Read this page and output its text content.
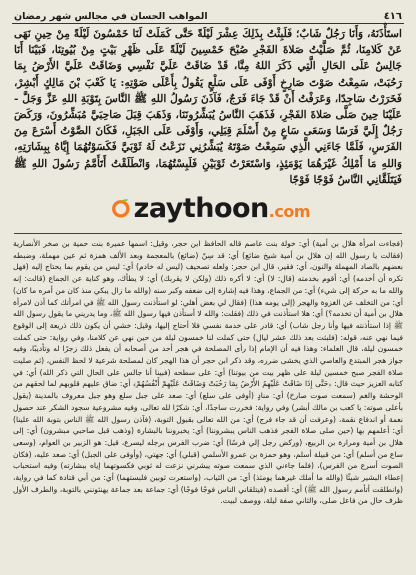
٤١٦
المواهب الحسان في مجالس شهر رمضان

استَأْذَنَهُ، وَأَنَا رَجُلٌ شَابٌ؛ فَلَبِثْتُ بِذَلِكَ عِشْرَ لَيْلَةً حَتَّى كَمَلَتْ لَنَا خَمْسُونَ لَيْلَةً مِنْ حِينِ نَهَى عَنْ كَلامِنَا، ثُمَّ صَلَّيْتُ صَلاةَ الفَجْرِ صُبْحَ خَمْسِينَ لَيْلَةً عَلَى ظَهْرِ بَيْتٍ مِنْ بُيُوتِنَا، فَبَيْنَا أَنَا جَالِسٌ عَلَى الحَالِ الَّتِي ذَكَرَ اللهُ مِنَّا، قَدْ ضَاقَتْ عَلَيَّ نَفْسِي وَضَاقَتْ عَلَيَّ الأَرْضُ بِمَا رَحُبَتْ، سَمِعْتُ صَوْتَ صَارِخٍ أَوْفَى عَلَى سَلْعٍ يَقُولُ بِأَعْلَى صَوْتِهِ: يَا كَعْبَ بْنَ مَالِكٍ أَبْشِرْ، فَخَرَرْتُ سَاجِدًا، وَعَرَفْتُ أَنْ قَدْ جَاءَ فَرَجٌ، فَآذَنَ رَسُولُ اللهِ ﷺ النَّاسَ بِتَوْبَةِ اللهِ عَزَّ وَجَلَّ - عَلَيْنَا حِينَ صَلَّى صَلاةَ الفَجْرِ، فَذَهَبَ النَّاسُ يُبَشِّرُونَنَا، وَذَهَبَ قِبَلَ صَاحِبَيَّ مُبَشِّرُونَ، وَرَكَضَ رَجُلٌ إِلَيَّ فَرَسًا وَسَعَى سَاعٍ مِنْ أَسْلَمَ قِبَلِي، وَأَوْفَى عَلَى الجَبَلِ، فَكَانَ الصَّوْتُ أَسْرَعَ مِنَ الفَرَسِ، فَلَمَّا جَاءَنِي الَّذِي سَمِعْتُ صَوْتَهُ يُبَشِّرُنِي نَزَعْتُ لَهُ ثَوْبَيَّ فَكَسَوْتُهُمَا إِيَّاهُ بِبِشَارَتِهِ، وَاللهِ مَا أَمْلِكُ غَيْرَهُمَا يَوْمَئِذٍ، وَاسْتَعَرْتُ ثَوْبَيْنِ فَلَبِسْتُهُمَا، وَانْطَلَقْتُ أَتَأَمَّمُ رَسُولَ اللهِ ﷺ فَيَتَلَقَّانِي النَّاسُ فَوْجًا فَوْجًا

zaythoon.com

(فجاءت امرأة هلال بن أمية) أي: خولة بنت عاصم قاله الحافظ ابن حجر، وقيل: اسمها عميرة بنت حمية بن صخر الأنصارية (فقالت يا رسول الله إن هلال بن أمية شيخ ضائع) أي: قد سِنّ (ضائع) بالمعجمة وبعد الألف همزة ثم عين مهملة، وضبطه بعضهم بالصاد المهملة والنون، أي: فقير، قال ابن حجر: ولعله تصحيف (ليس له خادم) أي: ليس من يقوم بما يحتاج إليه (فهل تكره أن أخدمه) أي: أقوم بخدمته (قال: لا) أي: لا أكره ذلك (ولكن لا يقربك) أي: لا يطأك، وهو كناية عن الجماع (قالت: إنه والله ما به حركة إلى شيء) أي: من الجماع، وهذا فيه إشارة إلى ضعفه وكبر سنه (والله ما زال يبكي منذ كان من أمره ما كان) أي: من التخلف عن الغزوة والهجر (إلى يومه هذا) (فقال لي بعض أهلي: لو استأذنت رسول الله ﷺ في امرأتك كما أذن لامرأة هلال بن أمية أن تخدمه؟) أي: هلا استأذنت في ذلك (فقلت: والله لا أستأذن فيها رسول الله ﷺ، وما يدريني ما يقول رسول الله ﷺ إذا استأذنته فيها وأنا رجل شاب) أي: قادر على خدمة نفسي فلا أحتاج إليها، وقيل: خشي أن يكون ذلك ذريعة إلى الوقوع فيما نهي عنه، قوله: (فلبثت بعد ذلك عشر ليال) حتى كملت لنا خمسون ليلة من حين نهي عن كلامنا، وفي رواية: حتى كملت خمسون ليلة، قال العلماء: وهذا فيه أن الإمام إذا رأى المصلحة في هجر أحد من أصحابه أن يفعل ذلك زجرًا له وتأديبًا، وفيه جواز هجر المبتدع والعاصي الذي يخشى ضرره، وقد ذكر ابن حجر أن هذا الهجر كان لمصلحة شرعية لا لحظ النفس، (ثم صليت صلاة الفجر صبح خمسين ليلة على ظهر بيت من بيوتنا) أي: على سطحه (فبينا أنا جالس على الحال التي ذكر الله) أي: في كتابه العزيز حيث قال: ﴿حَتَّى إِذَا ضَاقَتْ عَلَيْهِمُ الأَرْضُ بِمَا رَحُبَتْ وَضَاقَتْ عَلَيْهِمْ أَنْفُسُهُمْ﴾ أي: ضاق عليهم قلوبهم لما لحقهم من الوحشة والغم (سمعت صوت صارخ) أي: منادٍ (أوفى على سلع) أي: صعد على جبل سلع وهو جبل معروف بالمدينة (يقول بأعلى صوته: يا كعب بن مالك أبشر) وفي رواية: فخررت ساجدًا، أي: شكرًا لله تعالى، وفيه مشروعية سجود الشكر عند حصول نعمة أو اندفاع نقمة، (وعرفت أن قد جاء فرج) أي: من الله تعالى بقبول التوبة، (فآذن رسول الله ﷺ الناس بتوبة الله علينا) أي: أعلمهم بها (حين صلى صلاة الفجر فذهب الناس يبشروننا) أي: يخبروننا بالبشارة (وذهب قبل صاحبي مبشرون) أي: إلى هلال بن أمية ومرارة بن الربيع، (وركض رجل إلي فرسًا) أي: ضرب الفرس برجله ليسرع، قيل: هو الزبير بن العوام، (وسعى ساع من أسلم) أي: من قبيلة أسلم، وهو حمزة بن عمرو الأسلمي (قبلي) أي: جهتي، (وأوفى على الجبل) أي: صعد عليه، (فكان الصوت أسرع من الفرس)، (فلما جاءني الذي سمعت صوته يبشرني نزعت له ثوبي فكسوتهما إياه ببشارته) وفيه استحباب إعطاء البشير شيئًا (والله ما أملك غيرهما يومئذ) أي: من الثياب، (واستعرت ثوبين فلبستهما) أي: من أبي قتادة كما في رواية، (وانطلقت أتأمم رسول الله ﷺ) أي: أقصده (فيتلقاني الناس فوجًا فوجًا) أي: جماعة بعد جماعة يهنئونني بالتوبة، والطرف الأول ظرف حال من فاعل صلى، والثاني صفة ليلة، ووصف لبيت.
